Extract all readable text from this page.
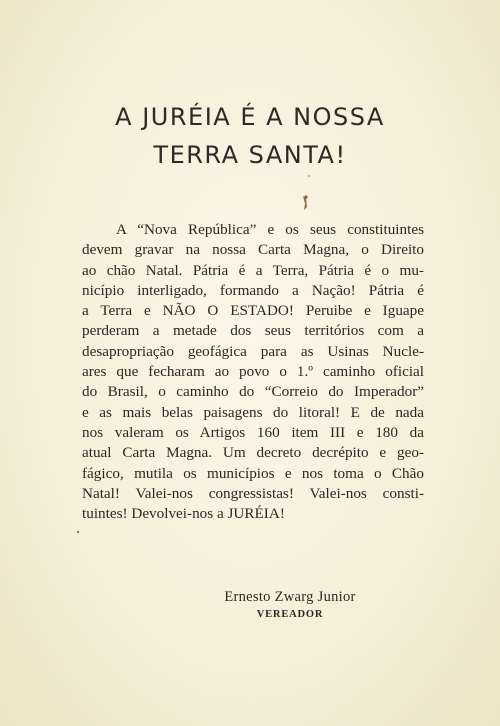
A JURÉIA É A NOSSA
TERRA SANTA!
A “Nova República” e os seus constituintes
devem gravar na nossa Carta Magna, o Direito
ao chão Natal. Pátria é a Terra, Pátria é o mu-
nicípio interligado, formando a Nação! Pátria é
a Terra e NÃO O ESTADO! Peruibe e Iguape
perderam a metade dos seus territórios com a
desapropriação geofágica para as Usinas Nucle-
ares que fecharam ao povo o 1.º caminho oficial
do Brasil, o caminho do “Correio do Imperador”
e as mais belas paisagens do litoral! E de nada
nos valeram os Artigos 160 item III e 180 da
atual Carta Magna. Um decreto decrépito e geo-
fágico, mutila os municípios e nos toma o Chão
Natal! Valei-nos congressistas! Valei-nos consti-
tuintes! Devolvei-nos a JURÉIA!
Ernesto Zwarg Junior
VEREADOR
